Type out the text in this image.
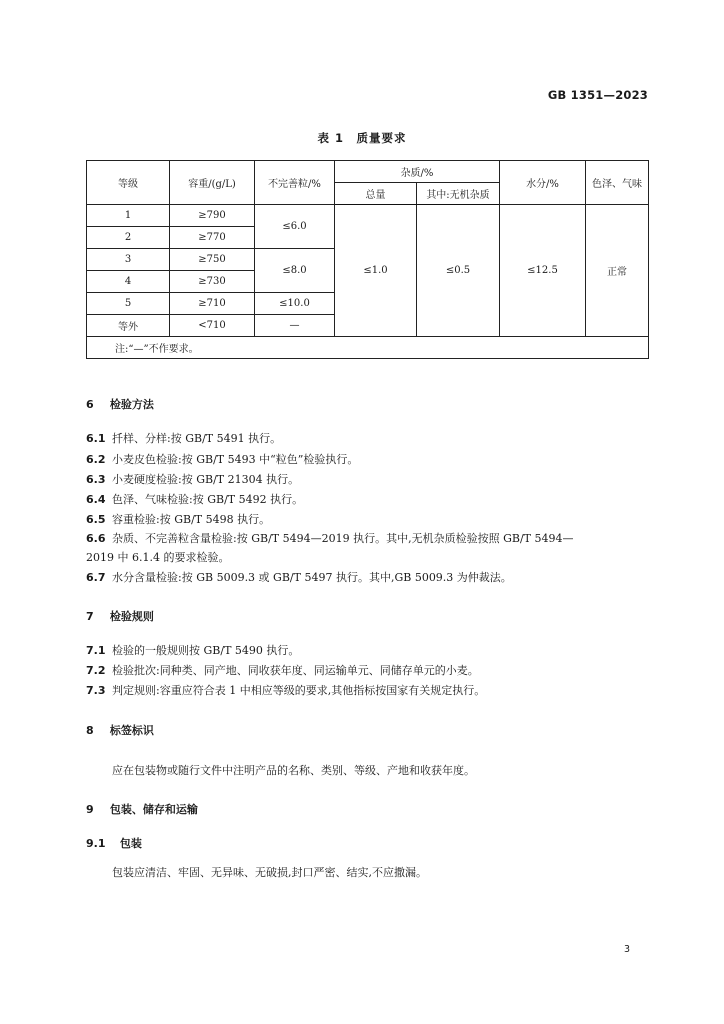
GB 1351—2023
表 1　质量要求
等级	容重/(g/L)	不完善粒/%	杂质/%		水分/%	色泽、气味
			总量	其中:无机杂质		
1	≥790	≤6.0	≤1.0	≤0.5	≤12.5	正常
2	≥770					
3	≥750	≤8.0				
4	≥730					
5	≥710	≤10.0				
等外	<710	—				
注:“—”不作要求。						
6 检验方法
6.1 扦样、分样:按 GB/T 5491 执行。
6.2 小麦皮色检验:按 GB/T 5493 中“粒色”检验执行。
6.3 小麦硬度检验:按 GB/T 21304 执行。
6.4 色泽、气味检验:按 GB/T 5492 执行。
6.5 容重检验:按 GB/T 5498 执行。
6.6 杂质、不完善粒含量检验:按 GB/T 5494—2019 执行。其中,无机杂质检验按照 GB/T 5494—
2019 中 6.1.4 的要求检验。
6.7 水分含量检验:按 GB 5009.3 或 GB/T 5497 执行。其中,GB 5009.3 为仲裁法。
7 检验规则
7.1 检验的一般规则按 GB/T 5490 执行。
7.2 检验批次:同种类、同产地、同收获年度、同运输单元、同储存单元的小麦。
7.3 判定规则:容重应符合表 1 中相应等级的要求,其他指标按国家有关规定执行。
8 标签标识
应在包装物或随行文件中注明产品的名称、类别、等级、产地和收获年度。
9 包装、储存和运输
9.1 包装
包装应清洁、牢固、无异味、无破损,封口严密、结实,不应撒漏。
3
